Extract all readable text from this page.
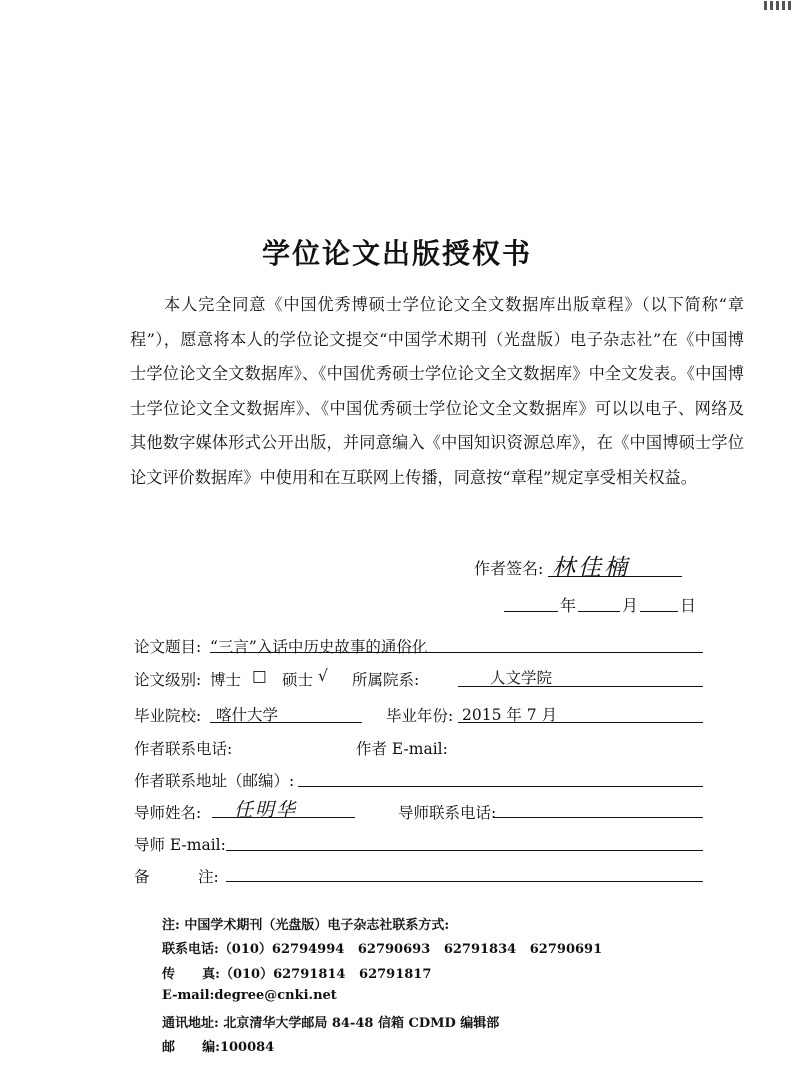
学位论文出版授权书

本人完全同意《中国优秀博硕士学位论文全文数据库出版章程》（以下简称“章程”），愿意将本人的学位论文提交“中国学术期刊（光盘版）电子杂志社”在《中国博士学位论文全文数据库》、《中国优秀硕士学位论文全文数据库》中全文发表。《中国博士学位论文全文数据库》、《中国优秀硕士学位论文全文数据库》可以以电子、网络及其他数字媒体形式公开出版，并同意编入《中国知识资源总库》，在《中国博硕士学位论文评价数据库》中使用和在互联网上传播，同意按“章程”规定享受相关权益。

作者签名: 林佳楠
年	月	日
论文题目: “三言”入话中历史故事的通俗化
论文级别: 博士 □ 硕士 √ 所属院系:	人文学院
毕业院校: 喀什大学	毕业年份: 2015 年 7 月
作者联系电话:	作者 E-mail:
作者联系地址（邮编）:
导师姓名: 任明华	导师联系电话:
导师 E-mail:
备	注:
注: 中国学术期刊（光盘版）电子杂志社联系方式:
联系电话:（010）62794994   62790693   62791834   62790691
传      真:（010）62791814   62791817
E-mail:degree@cnki.net
通讯地址: 北京清华大学邮局 84-48 信箱 CDMD 编辑部
邮      编:100084
